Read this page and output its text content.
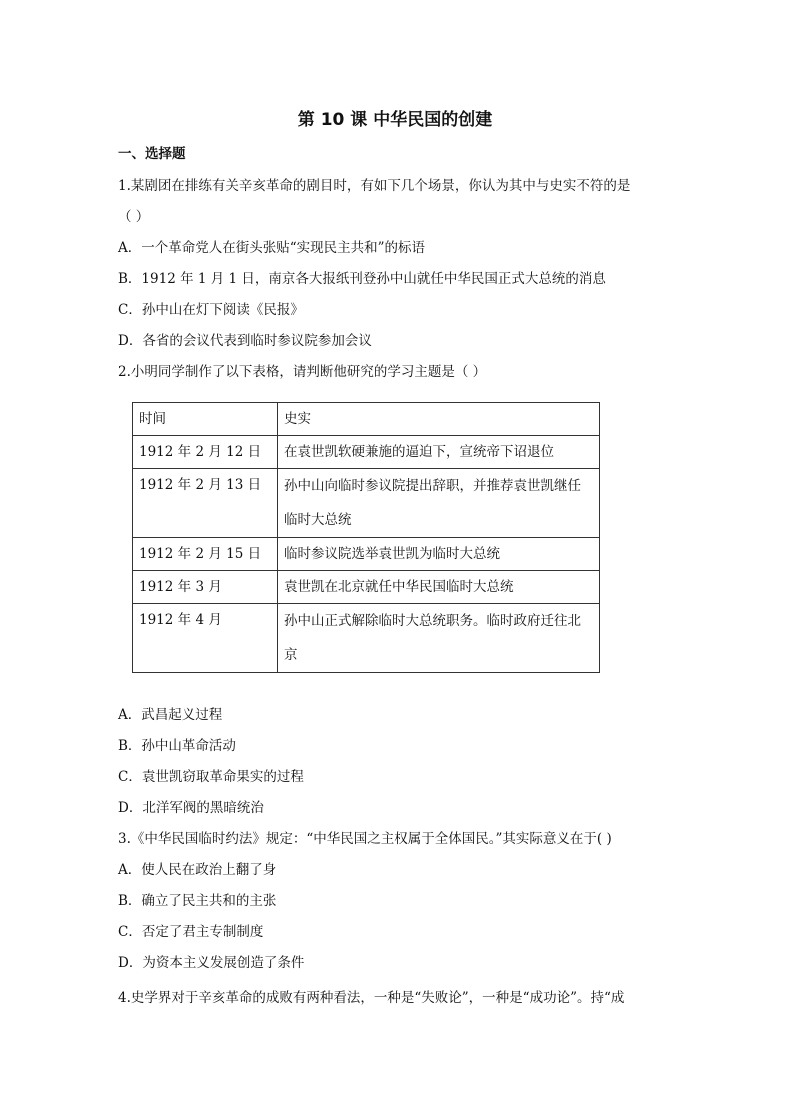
第 10 课 中华民国的创建
一、选择题
1.某剧团在排练有关辛亥革命的剧目时，有如下几个场景，你认为其中与史实不符的是
（ ）
A．一个革命党人在街头张贴“实现民主共和”的标语
B．1912 年 1 月 1 日，南京各大报纸刊登孙中山就任中华民国正式大总统的消息
C．孙中山在灯下阅读《民报》
D．各省的会议代表到临时参议院参加会议
2.小明同学制作了以下表格，请判断他研究的学习主题是（ ）
时间	史实
1912 年 2 月 12 日	在袁世凯软硬兼施的逼迫下，宣统帝下诏退位
1912 年 2 月 13 日	孙中山向临时参议院提出辞职，并推荐袁世凯继任临时大总统
1912 年 2 月 15 日	临时参议院选举袁世凯为临时大总统
1912 年 3 月	袁世凯在北京就任中华民国临时大总统
1912 年 4 月	孙中山正式解除临时大总统职务。临时政府迁往北京
A．武昌起义过程
B．孙中山革命活动
C．袁世凯窃取革命果实的过程
D．北洋军阀的黑暗统治
3.《中华民国临时约法》规定：“中华民国之主权属于全体国民。”其实际意义在于( )
A．使人民在政治上翻了身
B．确立了民主共和的主张
C．否定了君主专制制度
D．为资本主义发展创造了条件
4.史学界对于辛亥革命的成败有两种看法，一种是“失败论”，一种是“成功论”。持“成
